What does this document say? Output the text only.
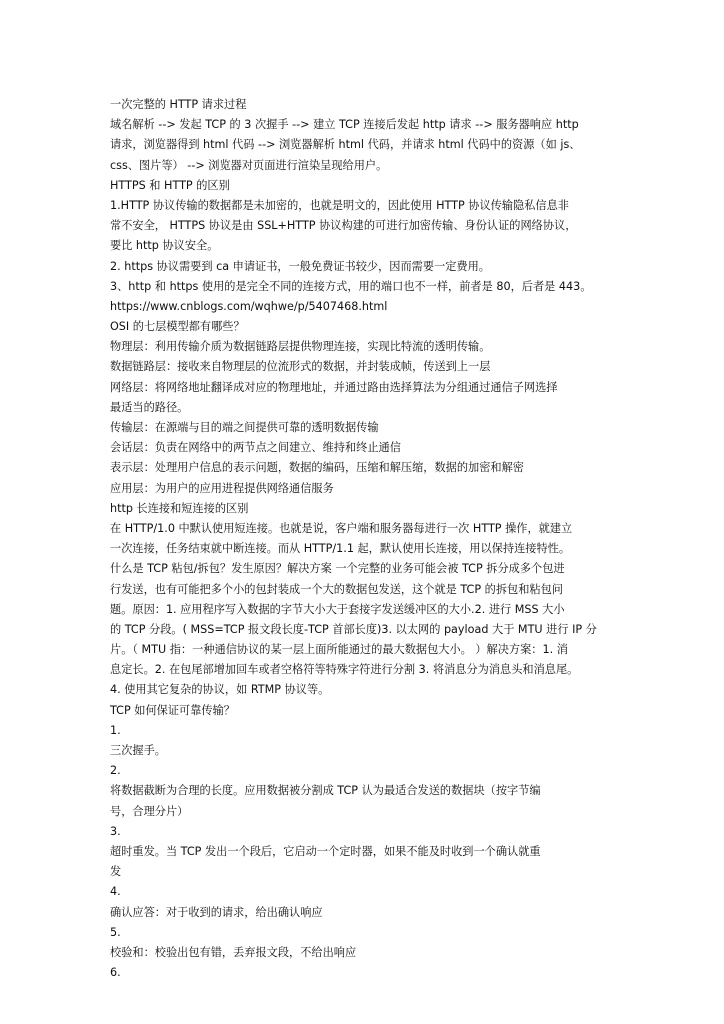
一次完整的 HTTP 请求过程
域名解析 --> 发起 TCP 的 3 次握手 --> 建立 TCP 连接后发起 http 请求 --> 服务器响应 http
请求，浏览器得到 html 代码 --> 浏览器解析 html 代码，并请求 html 代码中的资源（如 js、
css、图片等） --> 浏览器对页面进行渲染呈现给用户。
HTTPS 和 HTTP 的区别
1.HTTP 协议传输的数据都是未加密的，也就是明文的，因此使用 HTTP 协议传输隐私信息非
常不安全， HTTPS 协议是由 SSL+HTTP 协议构建的可进行加密传输、身份认证的网络协议，
要比 http 协议安全。
2. https 协议需要到 ca 申请证书，一般免费证书较少，因而需要一定费用。
3、http 和 https 使用的是完全不同的连接方式，用的端口也不一样，前者是 80，后者是 443。
https://www.cnblogs.com/wqhwe/p/5407468.html
OSI 的七层模型都有哪些？
物理层：利用传输介质为数据链路层提供物理连接，实现比特流的透明传输。
数据链路层：接收来自物理层的位流形式的数据，并封装成帧，传送到上一层
网络层：将网络地址翻译成对应的物理地址，并通过路由选择算法为分组通过通信子网选择
最适当的路径。
传输层：在源端与目的端之间提供可靠的透明数据传输
会话层：负责在网络中的两节点之间建立、维持和终止通信
表示层：处理用户信息的表示问题，数据的编码，压缩和解压缩，数据的加密和解密
应用层：为用户的应用进程提供网络通信服务
http 长连接和短连接的区别
在 HTTP/1.0 中默认使用短连接。也就是说，客户端和服务器每进行一次 HTTP 操作，就建立
一次连接，任务结束就中断连接。而从 HTTP/1.1 起，默认使用长连接，用以保持连接特性。
什么是 TCP 粘包/拆包？发生原因？解决方案 一个完整的业务可能会被 TCP 拆分成多个包进
行发送，也有可能把多个小的包封装成一个大的数据包发送，这个就是 TCP 的拆包和粘包问
题。原因：1. 应用程序写入数据的字节大小大于套接字发送缓冲区的大小.2. 进行 MSS 大小
的 TCP 分段。( MSS=TCP 报文段长度-TCP 首部长度)3. 以太网的 payload 大于 MTU 进行 IP 分
片。（ MTU 指：一种通信协议的某一层上面所能通过的最大数据包大小。 ）解决方案：1. 消
息定长。2. 在包尾部增加回车或者空格符等特殊字符进行分割 3. 将消息分为消息头和消息尾。
4. 使用其它复杂的协议，如 RTMP 协议等。
TCP 如何保证可靠传输？
1.
三次握手。
2.
将数据截断为合理的长度。应用数据被分割成 TCP 认为最适合发送的数据块（按字节编
号，合理分片）
3.
超时重发。当 TCP 发出一个段后，它启动一个定时器，如果不能及时收到一个确认就重
发
4.
确认应答：对于收到的请求，给出确认响应
5.
校验和：校验出包有错，丢弃报文段，不给出响应
6.
